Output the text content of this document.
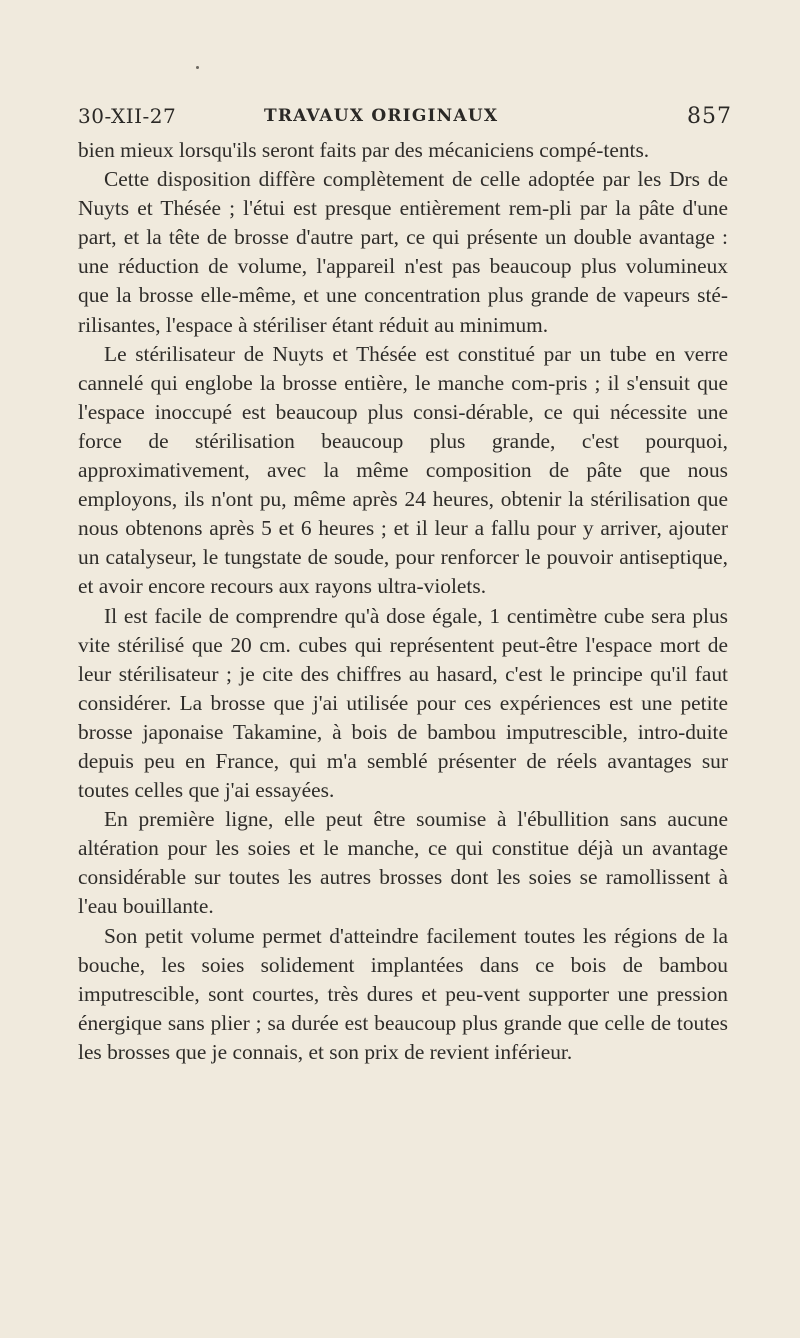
30-XII-27	TRAVAUX ORIGINAUX	857

bien mieux lorsqu'ils seront faits par des mécaniciens compé-tents.

Cette disposition diffère complètement de celle adoptée par les Drs de Nuyts et Thésée ; l'étui est presque entièrement rem-pli par la pâte d'une part, et la tête de brosse d'autre part, ce qui présente un double avantage : une réduction de volume, l'appareil n'est pas beaucoup plus volumineux que la brosse elle-même, et une concentration plus grande de vapeurs sté-rilisantes, l'espace à stériliser étant réduit au minimum.

Le stérilisateur de Nuyts et Thésée est constitué par un tube en verre cannelé qui englobe la brosse entière, le manche com-pris ; il s'ensuit que l'espace inoccupé est beaucoup plus consi-dérable, ce qui nécessite une force de stérilisation beaucoup plus grande, c'est pourquoi, approximativement, avec la même composition de pâte que nous employons, ils n'ont pu, même après 24 heures, obtenir la stérilisation que nous obtenons après 5 et 6 heures ; et il leur a fallu pour y arriver, ajouter un catalyseur, le tungstate de soude, pour renforcer le pouvoir antiseptique, et avoir encore recours aux rayons ultra-violets.

Il est facile de comprendre qu'à dose égale, 1 centimètre cube sera plus vite stérilisé que 20 cm. cubes qui représentent peut-être l'espace mort de leur stérilisateur ; je cite des chiffres au hasard, c'est le principe qu'il faut considérer. La brosse que j'ai utilisée pour ces expériences est une petite brosse japonaise Takamine, à bois de bambou imputrescible, intro-duite depuis peu en France, qui m'a semblé présenter de réels avantages sur toutes celles que j'ai essayées.

En première ligne, elle peut être soumise à l'ébullition sans aucune altération pour les soies et le manche, ce qui constitue déjà un avantage considérable sur toutes les autres brosses dont les soies se ramollissent à l'eau bouillante.

Son petit volume permet d'atteindre facilement toutes les régions de la bouche, les soies solidement implantées dans ce bois de bambou imputrescible, sont courtes, très dures et peu-vent supporter une pression énergique sans plier ; sa durée est beaucoup plus grande que celle de toutes les brosses que je connais, et son prix de revient inférieur.
